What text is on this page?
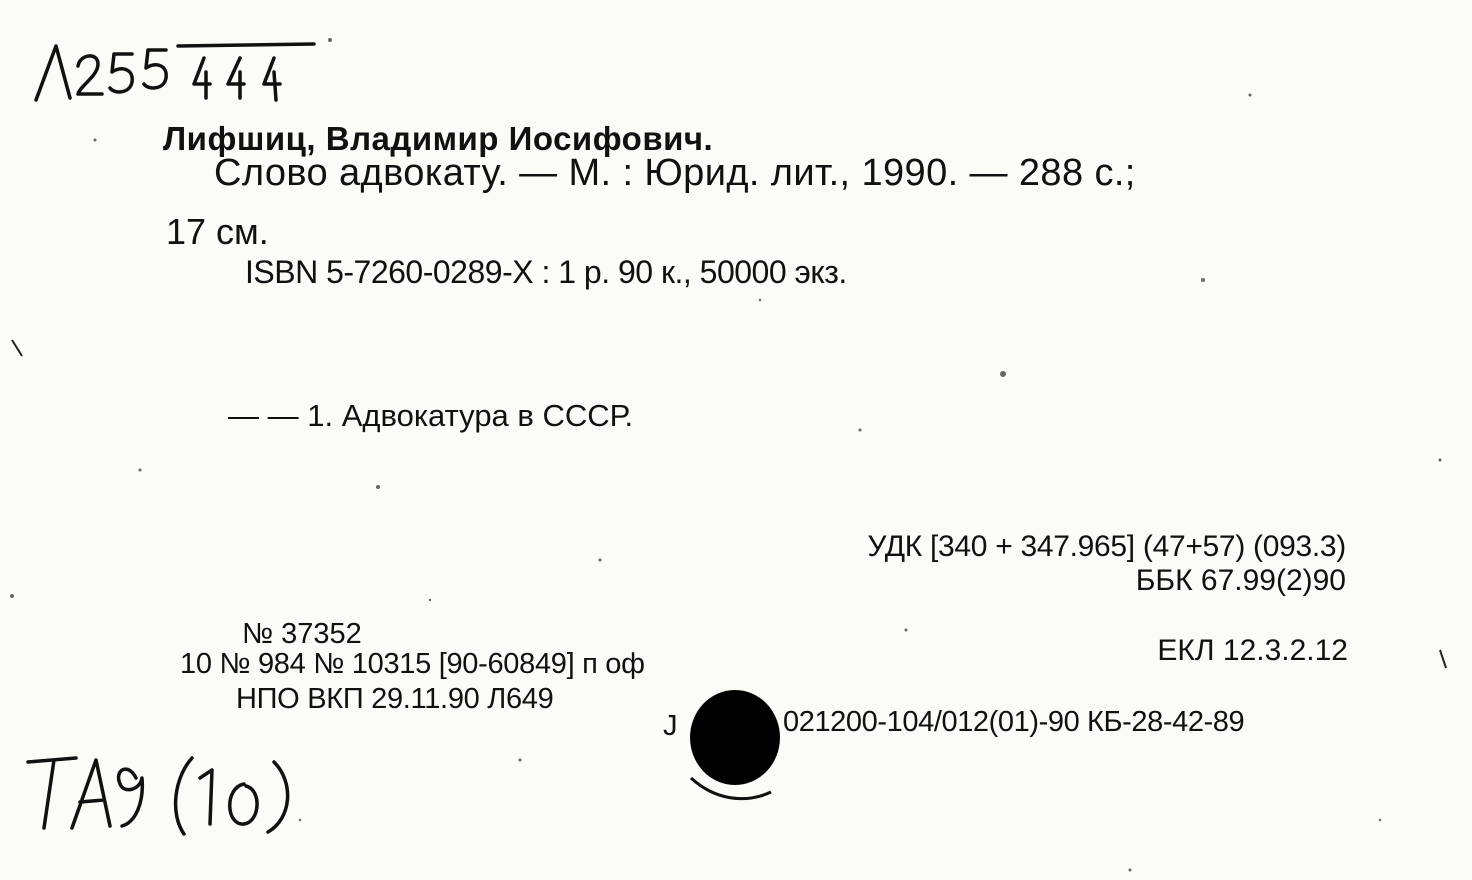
Лифшиц, Владимир Иосифович.

Слово адвокату. — М. : Юрид. лит., 1990. — 288 с.;

17 см.

ISBN 5-7260-0289-X : 1 р. 90 к., 50000 экз.

— — 1. Адвокатура в СССР.

УДК [340 + 347.965] (47+57) (093.3)

ББК 67.99(2)90

ЕКЛ 12.3.2.12

№ 37352

10 № 984 № 10315 [90-60849] п оф

НПО ВКП 29.11.90 Л649

J	021200-104/012(01)-90 КБ-28-42-89
